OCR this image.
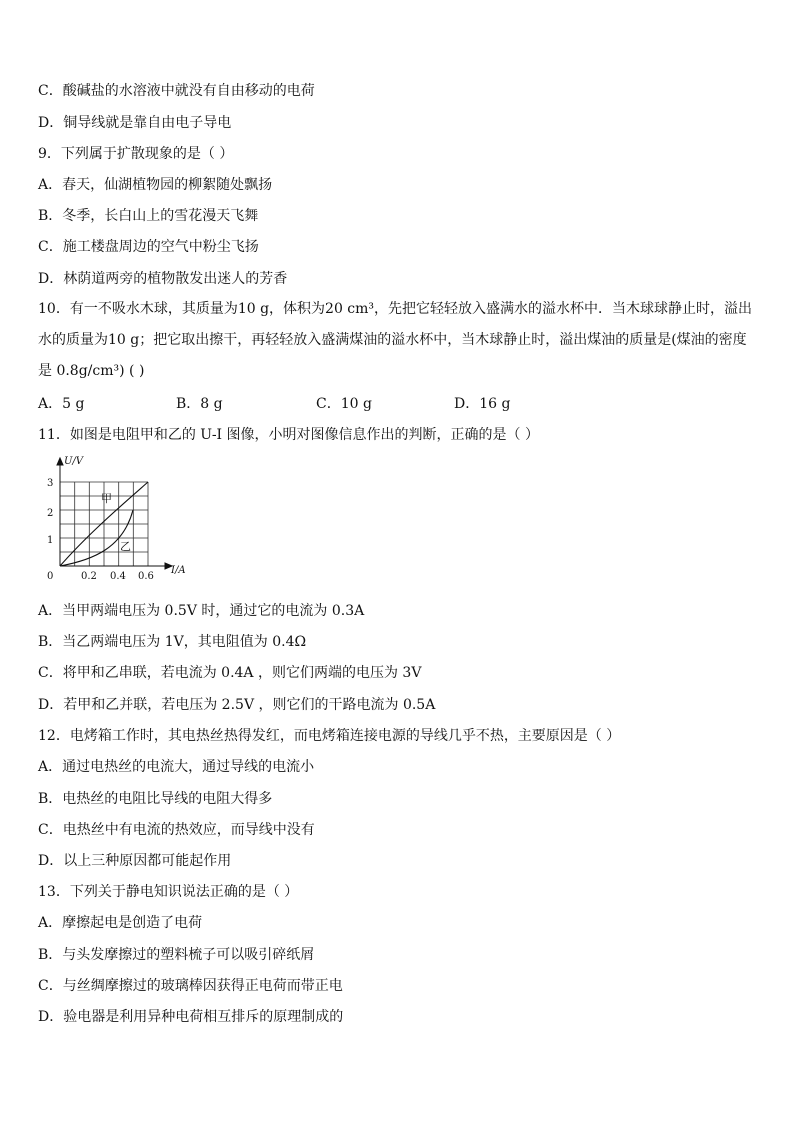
C．酸碱盐的水溶液中就没有自由移动的电荷
D．铜导线就是靠自由电子导电
9．下列属于扩散现象的是（ ）
A．春天，仙湖植物园的柳絮随处飘扬
B．冬季，长白山上的雪花漫天飞舞
C．施工楼盘周边的空气中粉尘飞扬
D．林荫道两旁的植物散发出迷人的芳香
10．有一不吸水木球，其质量为10 g，体积为20 cm³，先把它轻轻放入盛满水的溢水杯中．当木球球静止时，溢出水的质量为10 g；把它取出擦干，再轻轻放入盛满煤油的溢水杯中，当木球静止时，溢出煤油的质量是(煤油的密度是 0.8g/cm³) ( )
A．5 g	B．8 g	C．10 g	D．16 g
11．如图是电阻甲和乙的 U-I 图像，小明对图像信息作出的判断，正确的是（ ）
U/V
I/A
0
1
2
3
0.2 0.4 0.6
甲
乙
A．当甲两端电压为 0.5V 时，通过它的电流为 0.3A
B．当乙两端电压为 1V，其电阻值为 0.4Ω
C．将甲和乙串联，若电流为 0.4A ，则它们两端的电压为 3V
D．若甲和乙并联，若电压为 2.5V ，则它们的干路电流为 0.5A
12．电烤箱工作时，其电热丝热得发红，而电烤箱连接电源的导线几乎不热，主要原因是（ ）
A．通过电热丝的电流大，通过导线的电流小
B．电热丝的电阻比导线的电阻大得多
C．电热丝中有电流的热效应，而导线中没有
D．以上三种原因都可能起作用
13．下列关于静电知识说法正确的是（ ）
A．摩擦起电是创造了电荷
B．与头发摩擦过的塑料梳子可以吸引碎纸屑
C．与丝绸摩擦过的玻璃棒因获得正电荷而带正电
D．验电器是利用异种电荷相互排斥的原理制成的
